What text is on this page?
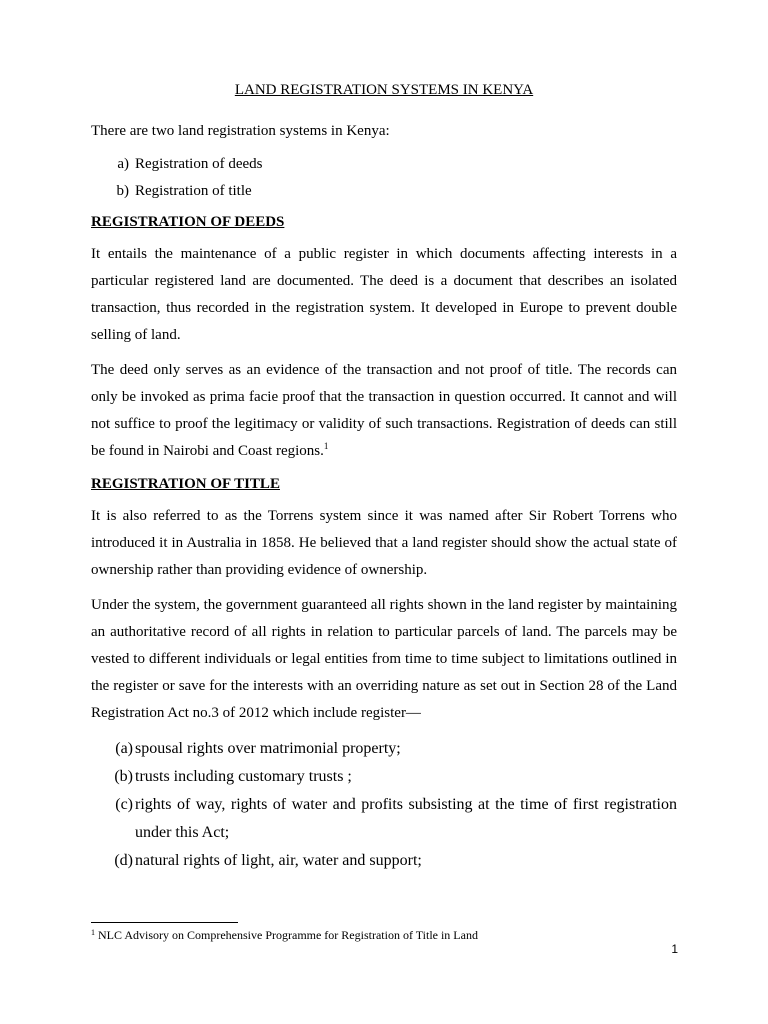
LAND REGISTRATION SYSTEMS IN KENYA

There are two land registration systems in Kenya:

a) Registration of deeds
b) Registration of title
REGISTRATION OF DEEDS

It entails the maintenance of a public register in which documents affecting interests in a particular registered land are documented. The deed is a document that describes an isolated transaction, thus recorded in the registration system. It developed in Europe to prevent double selling of land.

The deed only serves as an evidence of the transaction and not proof of title. The records can only be invoked as prima facie proof that the transaction in question occurred. It cannot and will not suffice to proof the legitimacy or validity of such transactions. Registration of deeds can still be found in Nairobi and Coast regions.$^1$

REGISTRATION OF TITLE

It is also referred to as the Torrens system since it was named after Sir Robert Torrens who introduced it in Australia in 1858. He believed that a land register should show the actual state of ownership rather than providing evidence of ownership.

Under the system, the government guaranteed all rights shown in the land register by maintaining an authoritative record of all rights in relation to particular parcels of land. The parcels may be vested to different individuals or legal entities from time to time subject to limitations outlined in the register or save for the interests with an overriding nature as set out in Section 28 of the Land Registration Act no.3 of 2012 which include register—

(a) spousal rights over matrimonial property;
(b) trusts including customary trusts ;
(c) rights of way, rights of water and profits subsisting at the time of first registration under this Act;
(d) natural rights of light, air, water and support;
$^1$ NLC Advisory on Comprehensive Programme for Registration of Title in Land
1
